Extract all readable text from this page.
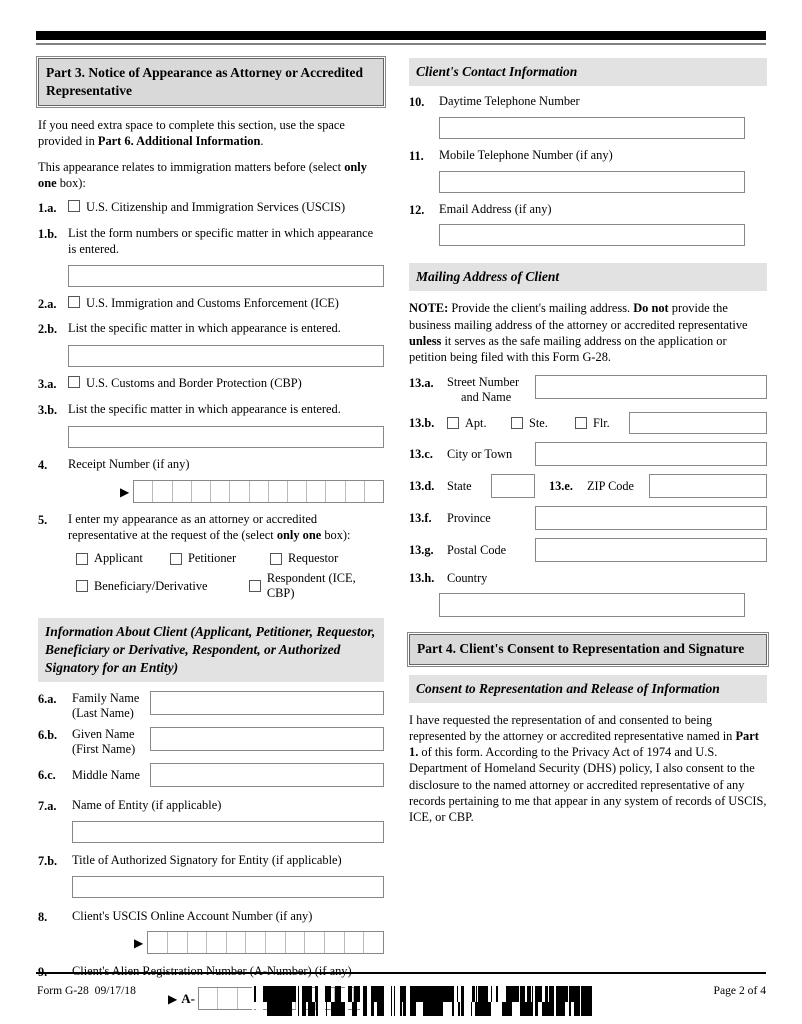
Part 3. Notice of Appearance as Attorney or Accredited Representative

If you need extra space to complete this section, use the space provided in Part 6. Additional Information.

This appearance relates to immigration matters before (select only one box):

1.a.	U.S. Citizenship and Immigration Services (USCIS)
1.b. List the form numbers or specific matter in which appearance is entered.
2.a.	U.S. Immigration and Customs Enforcement (ICE)
2.b. List the specific matter in which appearance is entered.
3.a.	U.S. Customs and Border Protection (CBP)
3.b. List the specific matter in which appearance is entered.
4.	Receipt Number (if any)
▶
5.	I enter my appearance as an attorney or accredited representative at the request of the (select only one box):
Applicant	Petitioner	Requestor
Beneficiary/Derivative
Respondent (ICE, CBP)
Information About Client (Applicant, Petitioner, Requestor, Beneficiary or Derivative, Respondent, or Authorized Signatory for an Entity)
6.a.	Family Name
(Last Name)
6.b.	Given Name
(First Name)
6.c.	Middle Name
7.a.	Name of Entity (if applicable)
7.b.	Title of Authorized Signatory for Entity (if applicable)
8.	Client's USCIS Online Account Number (if any)
▶
▶ A-
Client's Contact Information
10.	Daytime Telephone Number
11.	Mobile Telephone Number (if any)
12.	Email Address (if any)
Mailing Address of Client

NOTE: Provide the client's mailing address. Do not provide the business mailing address of the attorney or accredited representative unless it serves as the safe mailing address on the application or petition being filed with this Form G-28.

13.a.	Street Number
and Name
13.b.	Apt.	Ste.	Flr.
13.c.	City or Town
13.d.	State	13.e.	ZIP Code
13.f.	Province
13.g.	Postal Code
13.h.	Country
Part 4. Client's Consent to Representation and Signature
Consent to Representation and Release of Information

I have requested the representation of and consented to being represented by the attorney or accredited representative named in Part 1. of this form. According to the Privacy Act of 1974 and U.S. Department of Homeland Security (DHS) policy, I also consent to the disclosure to the named attorney or accredited representative of any records pertaining to me that appear in any system of records of USCIS, ICE, or CBP.

Form G-28 09/17/18	Page 2 of 4
